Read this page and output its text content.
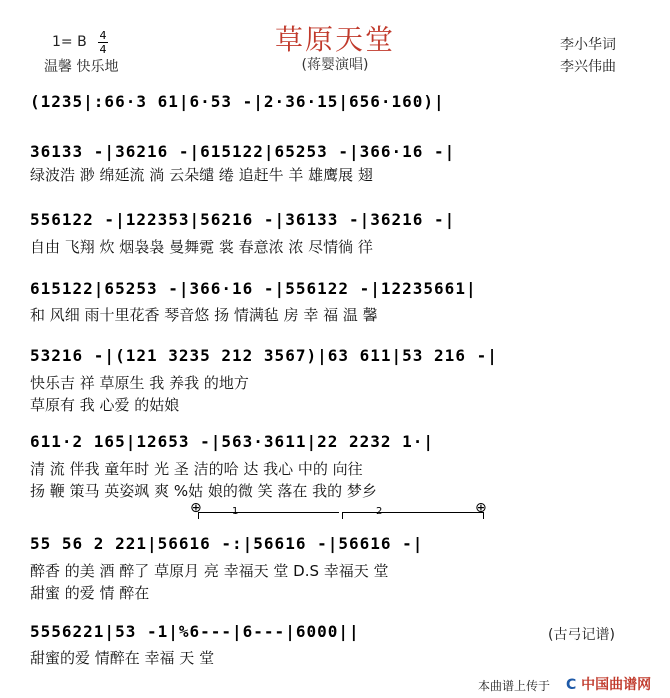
草原天堂
(蒋婴演唱)
1= B 4
4
温馨 快乐地
李小华词
李兴伟曲
(1235|:66·3 61|6·53 -|2·36·15|656·160)|
36133 -|36216 -|615122|65253 -|366·16 -|
绿波浩 渺 绵延流 淌 云朵缱 绻 追赶牛 羊 雄鹰展 翅
556122 -|122353|56216 -|36133 -|36216 -|
自由 飞翔 炊 烟袅袅 曼舞霓 裳 春意浓 浓 尽情徜 徉
615122|65253 -|366·16 -|556122 -|12235661|
和 风细 雨十里花香 琴音悠 扬 情满毡 房 幸 福 温 馨
53216 -|(121 3235 212 3567)|63 611|53 216 -|
快乐吉 祥 草原生 我 养我 的地方
草原有 我 心爱 的姑娘
611·2 165|12653 -|563·3611|22 2232 1·|
清 流 伴我 童年时 光 圣 洁的哈 达 我心 中的 向往
扬 鞭 策马 英姿飒 爽 %姑 娘的微 笑 落在 我的 梦乡
1	2
⊕	⊕
55 56 2 221|56616 -:|56616 -|56616 -|
醉香 的美 酒 醉了 草原月 亮 幸福天 堂 D.S 幸福天 堂
甜蜜 的爱 情 醉在
5556221|53 -1|%6---|6---|6000||
甜蜜的爱 情醉在 幸福 天 堂
(古弓记谱)
本曲谱上传于 C 中国曲谱网
